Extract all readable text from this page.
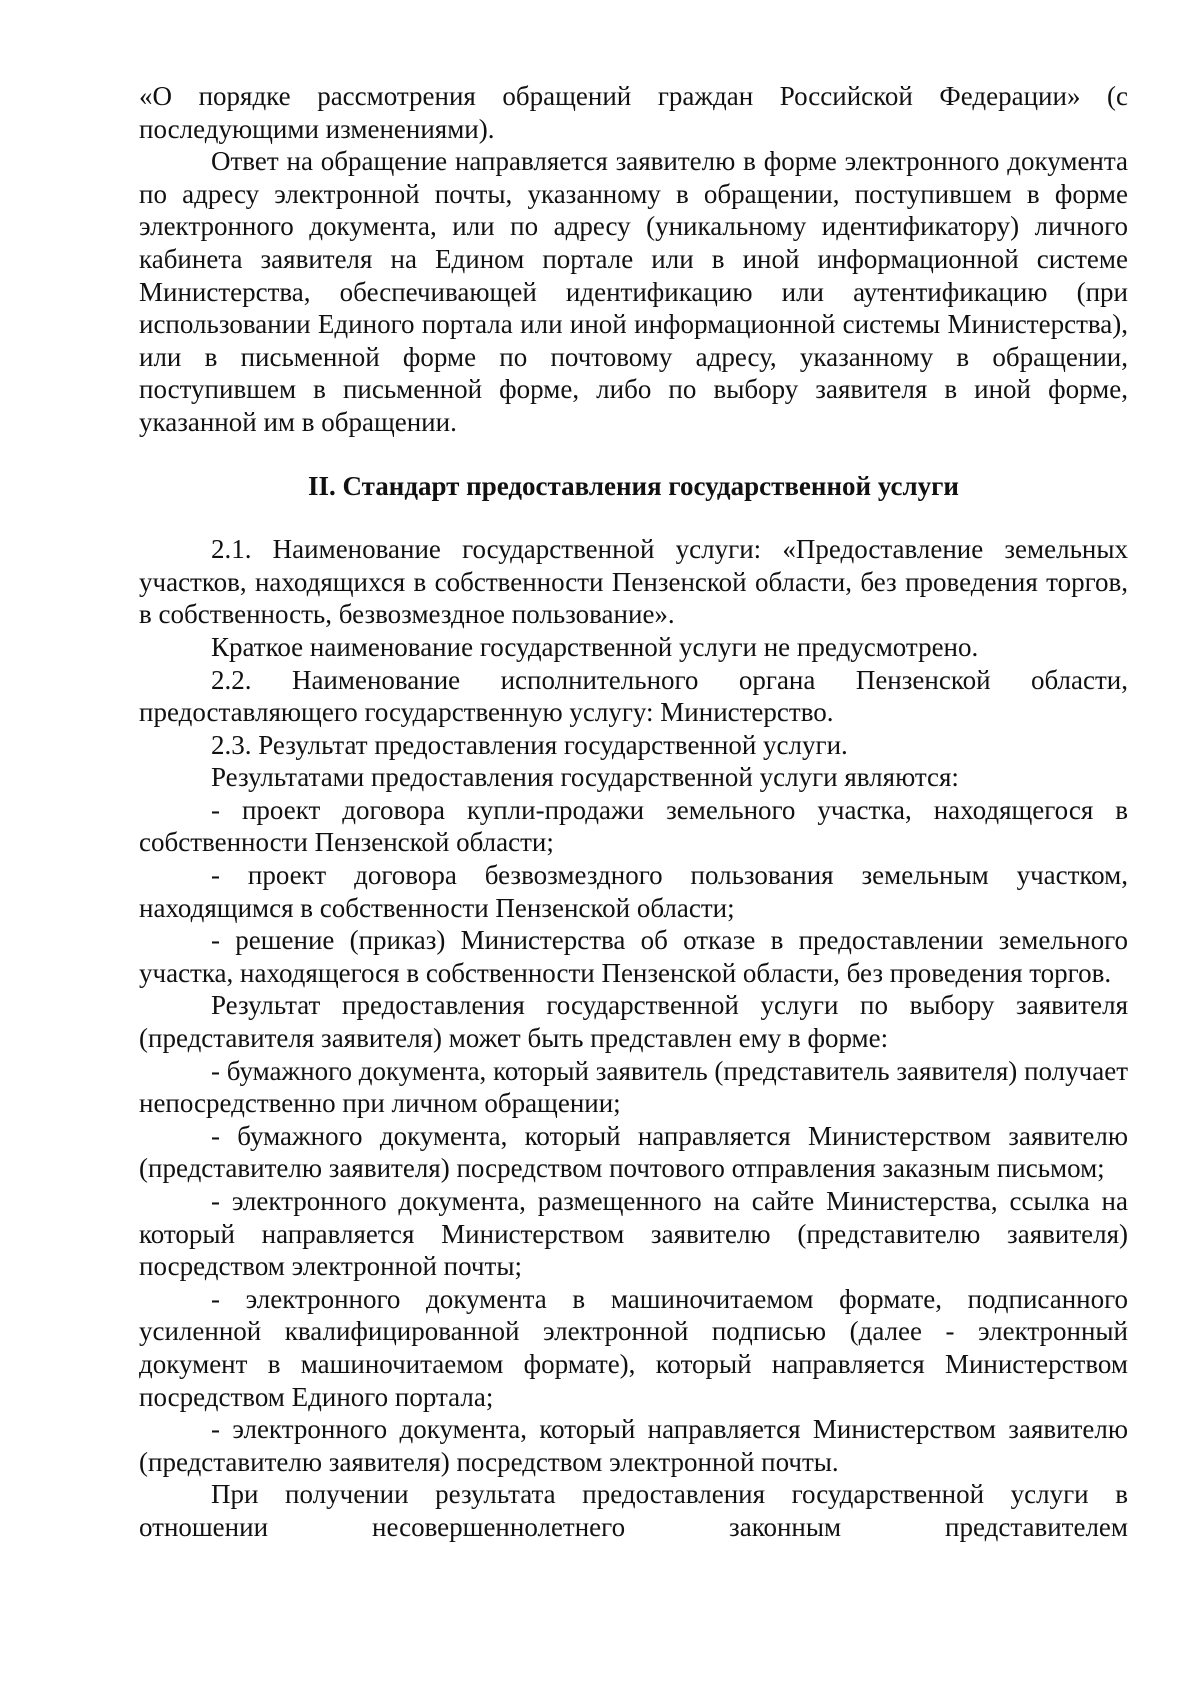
«О порядке рассмотрения обращений граждан Российской Федерации» (с последующими изменениями).

Ответ на обращение направляется заявителю в форме электронного документа по адресу электронной почты, указанному в обращении, поступившем в форме электронного документа, или по адресу (уникальному идентификатору) личного кабинета заявителя на Едином портале или в иной информационной системе Министерства, обеспечивающей идентификацию или аутентификацию (при использовании Единого портала или иной информационной системы Министерства), или в письменной форме по почтовому адресу, указанному в обращении, поступившем в письменной форме, либо по выбору заявителя в иной форме, указанной им в обращении.

II. Стандарт предоставления государственной услуги

2.1. Наименование государственной услуги: «Предоставление земельных участков, находящихся в собственности Пензенской области, без проведения торгов, в собственность, безвозмездное пользование».

Краткое наименование государственной услуги не предусмотрено.

2.2. Наименование исполнительного органа Пензенской области, предоставляющего государственную услугу: Министерство.

2.3. Результат предоставления государственной услуги.

Результатами предоставления государственной услуги являются:

- проект договора купли-продажи земельного участка, находящегося в собственности Пензенской области;

- проект договора безвозмездного пользования земельным участком, находящимся в собственности Пензенской области;

- решение (приказ) Министерства об отказе в предоставлении земельного участка, находящегося в собственности Пензенской области, без проведения торгов.

Результат предоставления государственной услуги по выбору заявителя (представителя заявителя) может быть представлен ему в форме:

- бумажного документа, который заявитель (представитель заявителя) получает непосредственно при личном обращении;

- бумажного документа, который направляется Министерством заявителю (представителю заявителя) посредством почтового отправления заказным письмом;

- электронного документа, размещенного на сайте Министерства, ссылка на который направляется Министерством заявителю (представителю заявителя) посредством электронной почты;

- электронного документа в машиночитаемом формате, подписанного усиленной квалифицированной электронной подписью (далее - электронный документ в машиночитаемом формате), который направляется Министерством посредством Единого портала;

- электронного документа, который направляется Министерством заявителю (представителю заявителя) посредством электронной почты.

При получении результата предоставления государственной услуги в отношении несовершеннолетнего законным представителем
